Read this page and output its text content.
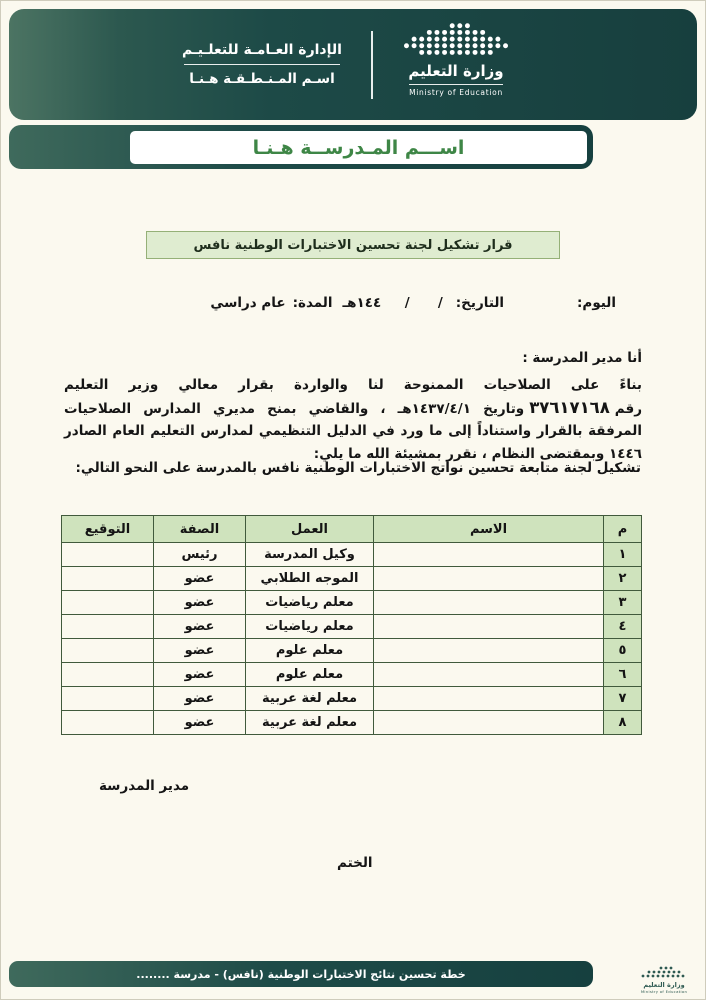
الإدارة العـامـة للتعلـيـم
اسـم المـنـطـقـة هـنـا	وزارة التعليم
Ministry of Education
اســـم المـدرســة هـنـا
قرار تشكيل لجنة تحسين الاختبارات الوطنية نافس
اليوم:
التاريخ:
/      /     ١٤٤هـ
المدة:
عام دراسي
أنا مدير المدرسة :
بناءً على الصلاحيات الممنوحة لنا والواردة بقرار معالي وزير التعليم رقم٣٧٦١٧١٦٨وتاريخ ١٤٣٧/٤/١هـ ، والقاضي بمنح مديري المدارس الصلاحيات المرفقة بالقرار واستناداً إلى ما ورد في الدليل التنظيمي لمدارس التعليم العام الصادر ١٤٤٦ وبمقتضى النظام ، نقرر بمشيئة الله ما يلي:
تشكيل لجنة متابعة تحسين نواتج الاختبارات الوطنية نافس بالمدرسة على النحو التالي:
م	الاسم	العمل	الصفة	التوقيع
١		وكيل المدرسة	رئيس	
٢		الموجه الطلابي	عضو	
٣		معلم رياضيات	عضو	
٤		معلم رياضيات	عضو	
٥		معلم علوم	عضو	
٦		معلم علوم	عضو	
٧		معلم لغة عربية	عضو	
٨		معلم لغة عربية	عضو	
مدير المدرسة
الختم
خطة تحسين نتائج الاختبارات الوطنية (نافس) - مدرسة ........
وزارة التعليم
Ministry of Education
